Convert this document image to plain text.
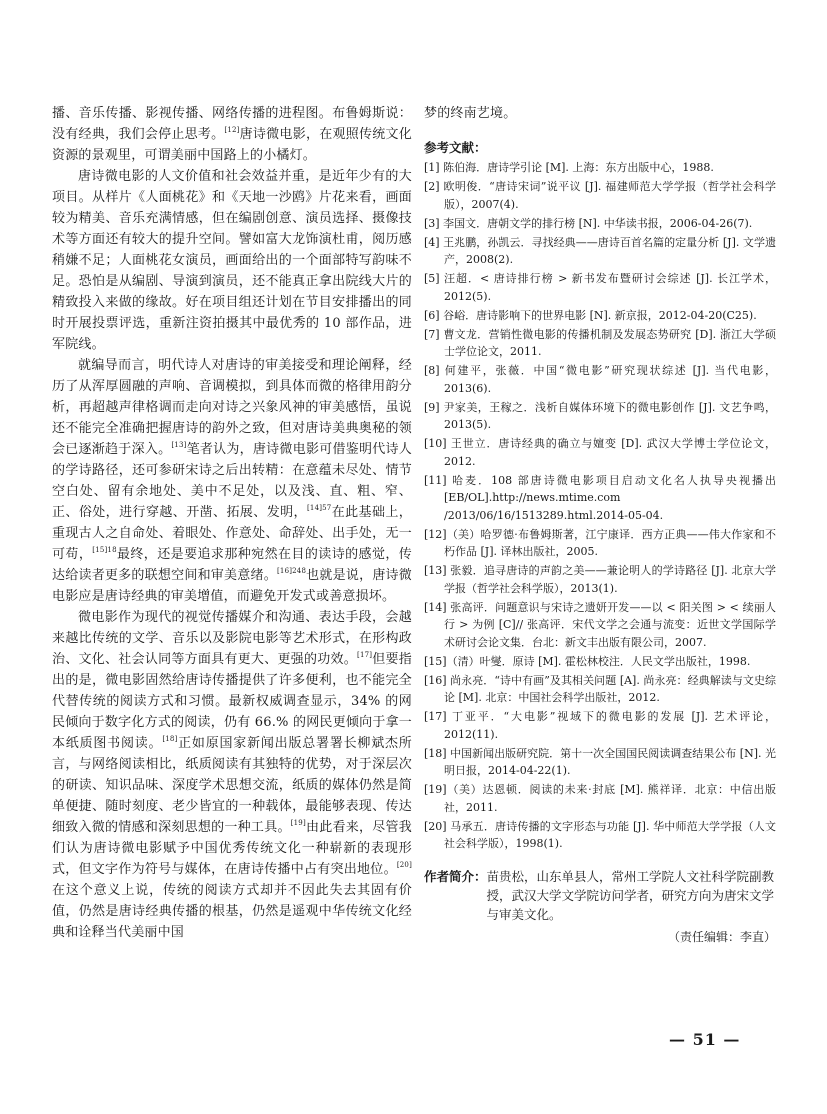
播、音乐传播、影视传播、网络传播的进程图。布鲁姆斯说：没有经典，我们会停止思考。[12]唐诗微电影，在观照传统文化资源的景观里，可谓美丽中国路上的小橘灯。

唐诗微电影的人文价值和社会效益并重，是近年少有的大项目。从样片《人面桃花》和《天地一沙鸥》片花来看，画面较为精美、音乐充满情感，但在编剧创意、演员选择、摄像技术等方面还有较大的提升空间。譬如富大龙饰演杜甫，阅历感稍嫌不足；人面桃花女演员，画面给出的一个面部特写韵味不足。恐怕是从编剧、导演到演员，还不能真正拿出院线大片的精致投入来做的缘故。好在项目组还计划在节目安排播出的同时开展投票评选，重新注资拍摄其中最优秀的 10 部作品，进军院线。

就编导而言，明代诗人对唐诗的审美接受和理论阐释，经历了从浑厚圆融的声响、音调模拟，到具体而微的格律用韵分析，再超越声律格调而走向对诗之兴象风神的审美感悟，虽说还不能完全准确把握唐诗的韵外之致，但对唐诗美典奥秘的领会已逐渐趋于深入。[13]笔者认为，唐诗微电影可借鉴明代诗人的学诗路径，还可参研宋诗之后出转精：在意蕴未尽处、情节空白处、留有余地处、美中不足处，以及浅、直、粗、窄、正、俗处，进行穿越、开凿、拓展、发明，$^{[14]57}$在此基础上，重现古人之自命处、着眼处、作意处、命辞处、出手处，无一可苟，$^{[15]18}$最终，还是要追求那种宛然在目的读诗的感觉，传达给读者更多的联想空间和审美意绪。$^{[16]248}$也就是说，唐诗微电影应是唐诗经典的审美增值，而避免开发式或善意损坏。

微电影作为现代的视觉传播媒介和沟通、表达手段，会越来越比传统的文学、音乐以及影院电影等艺术形式，在形构政治、文化、社会认同等方面具有更大、更强的功效。[17]但要指出的是，微电影固然给唐诗传播提供了许多便利，也不能完全代替传统的阅读方式和习惯。最新权威调查显示，34% 的网民倾向于数字化方式的阅读，仍有 66.% 的网民更倾向于拿一本纸质图书阅读。[18]正如原国家新闻出版总署署长柳斌杰所言，与网络阅读相比，纸质阅读有其独特的优势，对于深层次的研读、知识品味、深度学术思想交流，纸质的媒体仍然是简单便捷、随时刻度、老少皆宜的一种载体，最能够表现、传达细致入微的情感和深刻思想的一种工具。[19]由此看来，尽管我们认为唐诗微电影赋予中国优秀传统文化一种崭新的表现形式，但文字作为符号与媒体，在唐诗传播中占有突出地位。[20]在这个意义上说，传统的阅读方式却并不因此失去其固有价值，仍然是唐诗经典传播的根基，仍然是遥观中华传统文化经典和诠释当代美丽中国

梦的终南艺境。

参考文献：
[1] 陈伯海．唐诗学引论 [M]. 上海：东方出版中心，1988.
[2] 欧明俊．“唐诗宋词”说平议 [J]. 福建师范大学学报（哲学社会科学版），2007(4).
[3] 李国文．唐朝文学的排行榜 [N]. 中华读书报，2006-04-26(7).
[4] 王兆鹏，孙凯云．寻找经典——唐诗百首名篇的定量分析 [J]. 文学遗产，2008(2).
[5] 汪超．< 唐诗排行榜 > 新书发布暨研讨会综述 [J]. 长江学术，2012(5).
[6] 谷峪．唐诗影响下的世界电影 [N]. 新京报，2012-04-20(C25).
[7] 曹文龙．营销性微电影的传播机制及发展态势研究 [D]. 浙江大学硕士学位论文，2011.
[8] 何建平，张薇．中国“微电影”研究现状综述 [J]. 当代电影，2013(6).
[9] 尹家美，王稼之．浅析自媒体环境下的微电影创作 [J]. 文艺争鸣，2013(5).
[10] 王世立．唐诗经典的确立与嬗变 [D]. 武汉大学博士学位论文，2012.
[11] 哈麦．108 部唐诗微电影项目启动文化名人执导央视播出 [EB/OL].http://news.mtime.com /2013/06/16/1513289.html.2014-05-04.
[12]（美）哈罗德·布鲁姆斯著，江宁康译．西方正典——伟大作家和不朽作品 [J]. 译林出版社，2005.
[13] 张毅．追寻唐诗的声韵之美——兼论明人的学诗路径 [J]. 北京大学学报（哲学社会科学版），2013(1).
[14] 张高评．问题意识与宋诗之遗妍开发——以 < 阳关图 > < 续丽人行 > 为例 [C]// 张高评．宋代文学之会通与流变：近世文学国际学术研讨会论文集．台北：新文丰出版有限公司，2007.
[15]（清）叶燮．原诗 [M]. 霍松林校注．人民文学出版社，1998.
[16] 尚永亮．“诗中有画”及其相关问题 [A]. 尚永亮：经典解读与文史综论 [M]. 北京：中国社会科学出版社，2012.
[17] 丁亚平．“大电影”视域下的微电影的发展 [J]. 艺术评论，2012(11).
[18] 中国新闻出版研究院．第十一次全国国民阅读调查结果公布 [N]. 光明日报，2014-04-22(1).
[19]（美）达恩顿．阅读的未来·封底 [M]. 熊祥译．北京：中信出版社，2011.
[20] 马承五．唐诗传播的文字形态与功能 [J]. 华中师范大学学报（人文社会科学版），1998(1).
作者简介： 苗贵松，山东单县人，常州工学院人文社科学院副教授，武汉大学文学院访问学者，研究方向为唐宋文学与审美文化。
（责任编辑：李直）
— 51 —
